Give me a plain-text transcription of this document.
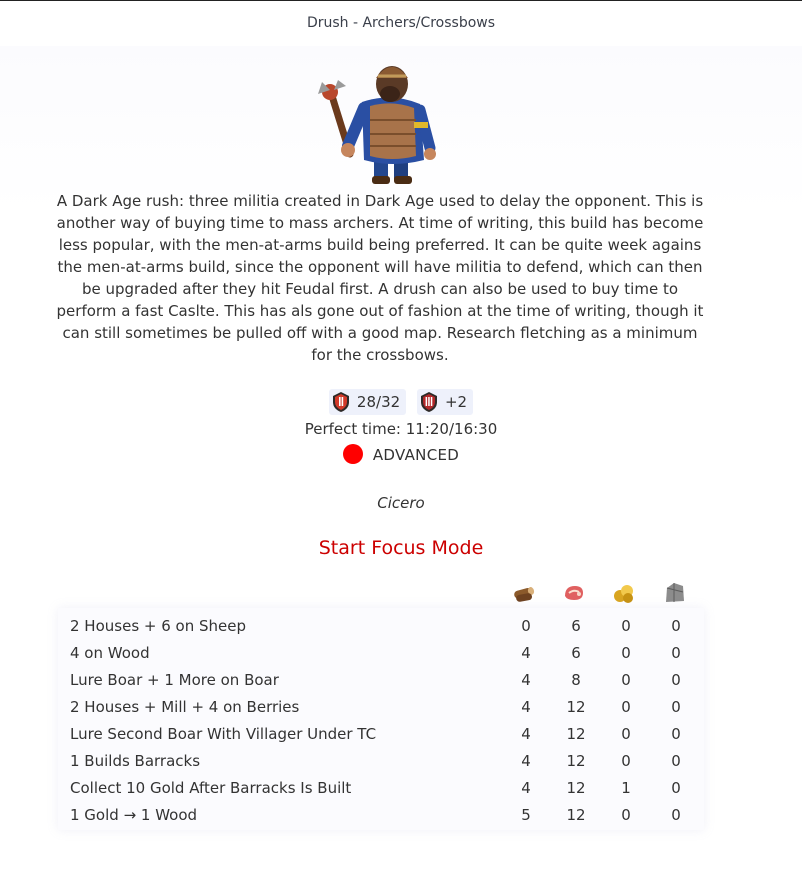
Drush - Archers/Crossbows
A Dark Age rush: three militia created in Dark Age used to delay the opponent. This is another way of buying time to mass archers. At time of writing, this build has become less popular, with the men-at-arms build being preferred. It can be quite week agains the men-at-arms build, since the opponent will have militia to defend, which can then be upgraded after they hit Feudal first. A drush can also be used to buy time to perform a fast Caslte. This has als gone out of fashion at the time of writing, though it can still sometimes be pulled off with a good map. Research fletching as a minimum for the crossbows.
28/32
	+2
Perfect time: 11:20/16:30
ADVANCED
Cicero
Start Focus Mode
2 Houses + 6 on Sheep	0	6	0	0
4 on Wood	4	6	0	0
Lure Boar + 1 More on Boar	4	8	0	0
2 Houses + Mill + 4 on Berries	4	12	0	0
Lure Second Boar With Villager Under TC	4	12	0	0
1 Builds Barracks	4	12	0	0
Collect 10 Gold After Barracks Is Built	4	12	1	0
1 Gold → 1 Wood	5	12	0	0
